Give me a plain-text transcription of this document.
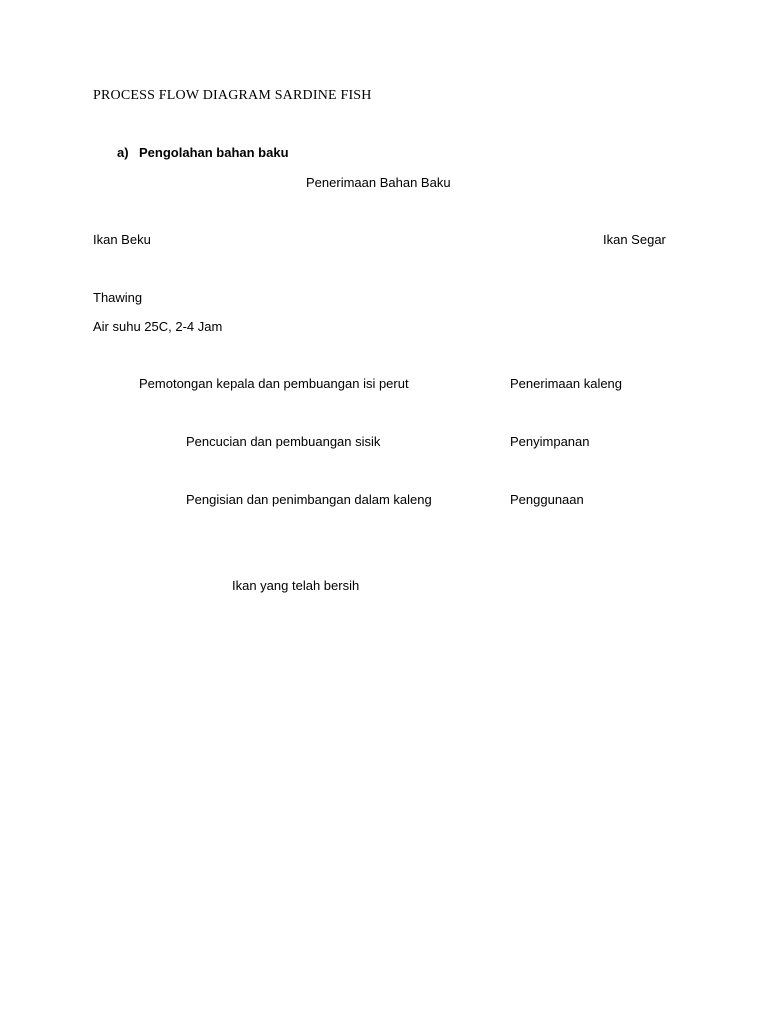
PROCESS FLOW DIAGRAM SARDINE FISH
a) Pengolahan bahan baku
Penerimaan Bahan Baku
Ikan Beku	Ikan Segar
Thawing
Air suhu 25C, 2-4 Jam
Pemotongan kepala dan pembuangan isi perut	Penerimaan kaleng
Pencucian dan pembuangan sisik	Penyimpanan
Pengisian dan penimbangan dalam kaleng	Penggunaan
Ikan yang telah bersih
